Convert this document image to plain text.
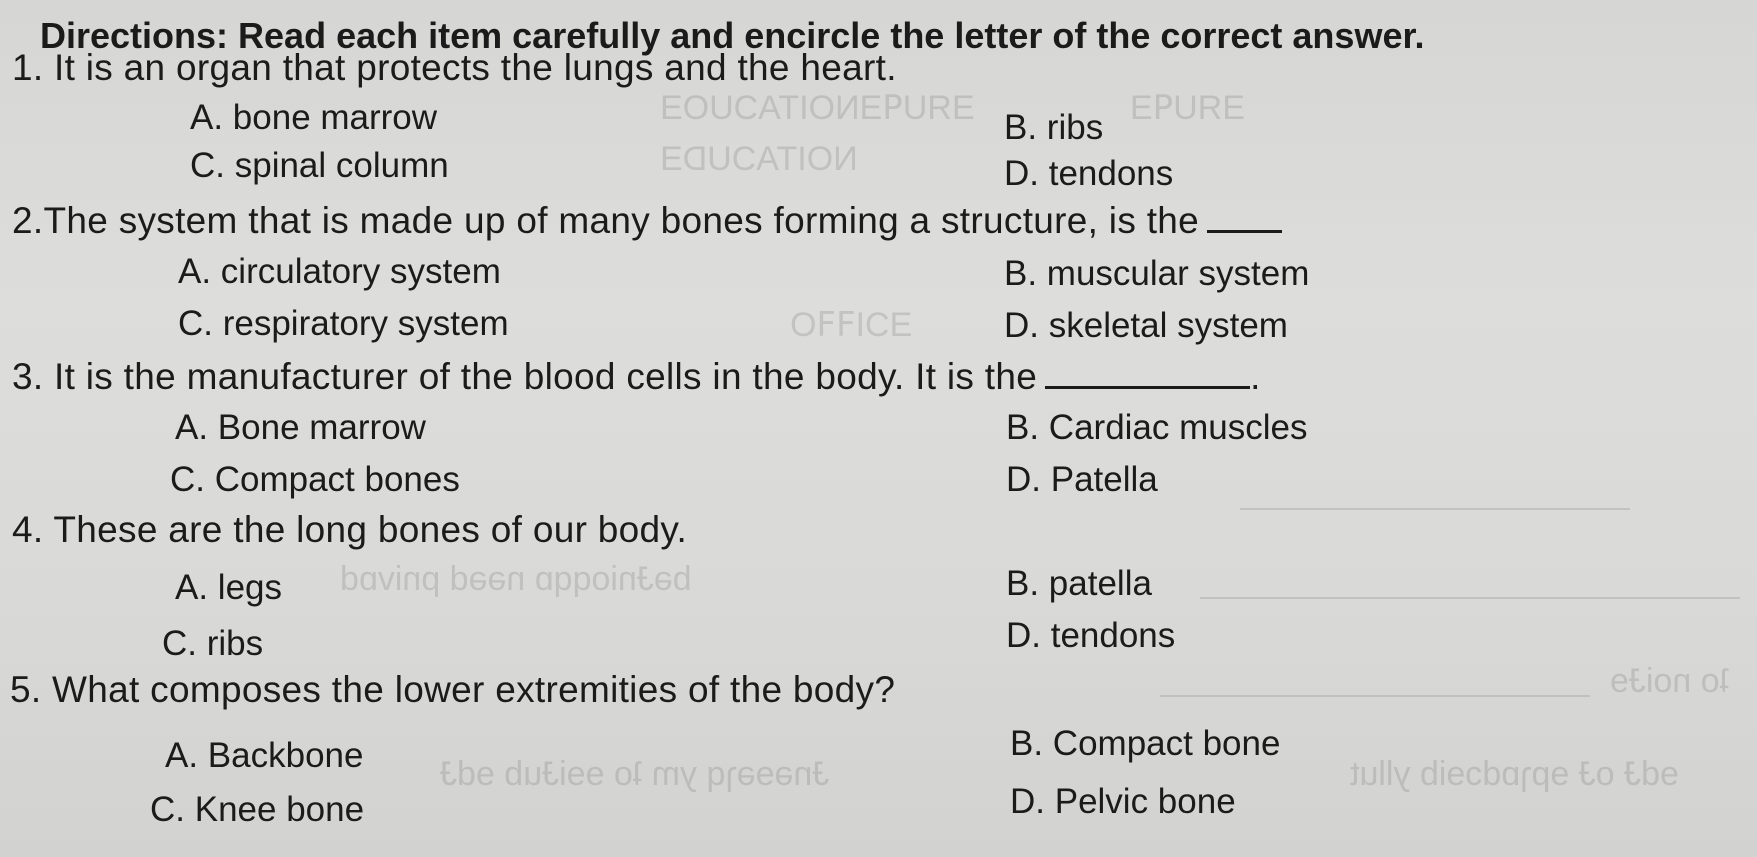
ƎЯUꟼƎNOITAƆUOƎ	ƎЯUꟼƎ
NOITAƆUDƎ
ƎƆIꟻꟻO
bəɈnioqqɒ nəəd pnivɒd
Ɉnəɘəɿq ym ʇo ɘɘiɈub ɘdɈ	ɘdɈ oɈ ɘpɿɒdɔɘib yllut
ʇo noiɈɘ
Directions: Read each item carefully and encircle the letter of the correct answer.
1. It is an organ that protects the lungs and the heart.
A. bone marrow	B. ribs
C. spinal column	D. tendons
2.The system that is made up of many bones forming a structure, is the
A. circulatory system	B. muscular system
C. respiratory system	D. skeletal system
3. It is the manufacturer of the blood cells in the body. It is the	.
A. Bone marrow	B. Cardiac muscles
C. Compact bones	D. Patella
4. These are the long bones of our body.
A. legs	B. patella
C. ribs	D. tendons
5. What composes the lower extremities of the body?
A. Backbone	B. Compact bone
C. Knee bone	D. Pelvic bone
